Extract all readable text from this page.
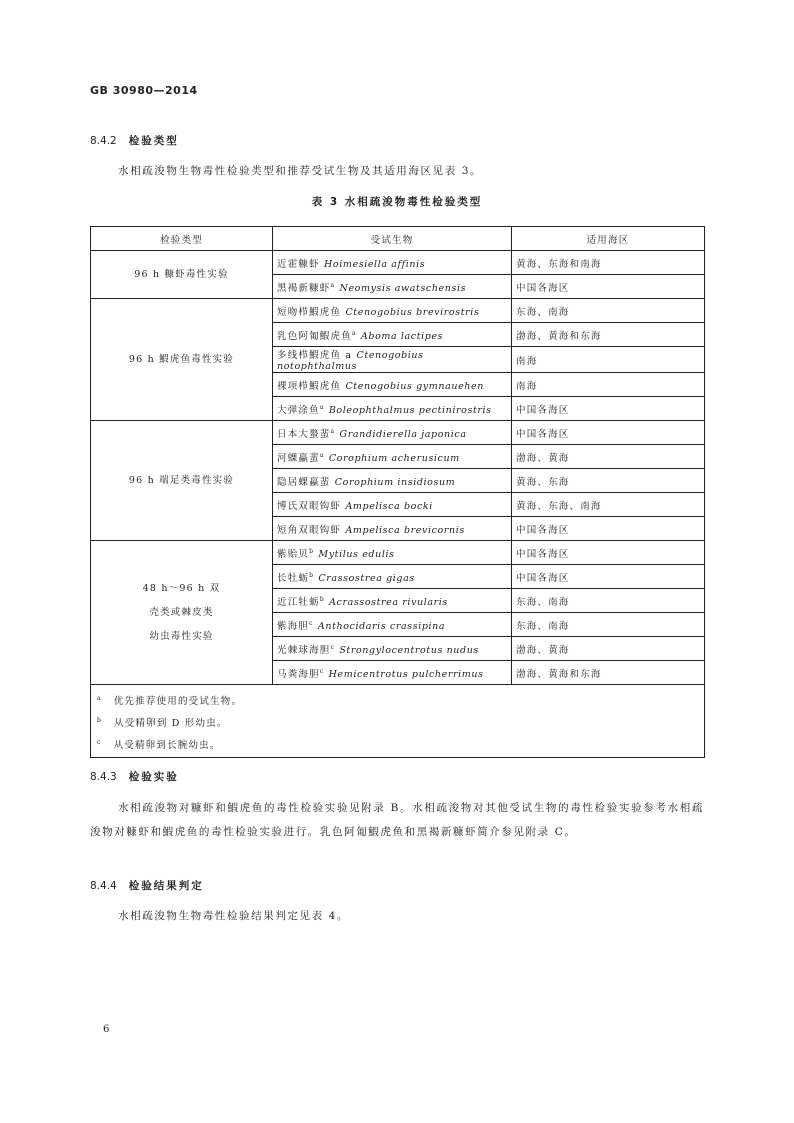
GB 30980—2014
8.4.2 检验类型
水相疏浚物生物毒性检验类型和推荐受试生物及其适用海区见表 3。
表 3 水相疏浚物毒性检验类型
检验类型	受试生物	适用海区

96 h 糠虾毒性实验	近霍糠虾 Hoimesiella affinis	黄海、东海和南海
	黑褐新糠虾$^a$ Neomysis awatschensis	中国各海区

96 h 鰕虎鱼毒性实验	短吻栉鰕虎鱼 Ctenogobius brevirostris	东海、南海
	乳色阿匍鰕虎鱼$^a$ Aboma lactipes	渤海、黄海和东海
	多线栉鰕虎鱼 a Ctenogobius notophthalmus	南海
	裸项栉鰕虎鱼 Ctenogobius gymnauehen	南海
	大弹涂鱼$^a$ Boleophthalmus pectinirostris	中国各海区

96 h 端足类毒性实验	日本大螯蜚$^a$ Grandidierella japonica	中国各海区
	河蜾蠃蜚$^a$ Corophium acherusicum	渤海、黄海
	隐居蜾蠃蜚 Corophium insidiosum	黄海、东海
	博氏双眼钩虾 Ampelisca bocki	黄海、东海、南海
	短角双眼钩虾 Ampelisca brevicornis	中国各海区

48 h～96 h 双
壳类或棘皮类
幼虫毒性实验	紫贻贝$^b$ Mytilus edulis	中国各海区
	长牡蛎$^b$ Crassostrea gigas	中国各海区
	近江牡蛎$^b$ Acrassostrea rivularis	东海、南海
	紫海胆$^c$ Anthocidaris crassipina	东海、南海
	光棘球海胆$^c$ Strongylocentrotus nudus	渤海、黄海
	马粪海胆$^c$ Hemicentrotus pulcherrimus	渤海、黄海和东海

$^a$ 优先推荐使用的受试生物。
$^b$ 从受精卵到 D 形幼虫。
$^c$ 从受精卵到长腕幼虫。		
8.4.3 检验实验
水相疏浚物对糠虾和鰕虎鱼的毒性检验实验见附录 B。水相疏浚物对其他受试生物的毒性检验实验参考水相疏浚物对糠虾和鰕虎鱼的毒性检验实验进行。乳色阿匍鰕虎鱼和黑褐新糠虾简介参见附录 C。
8.4.4 检验结果判定
水相疏浚物生物毒性检验结果判定见表 4。
6
